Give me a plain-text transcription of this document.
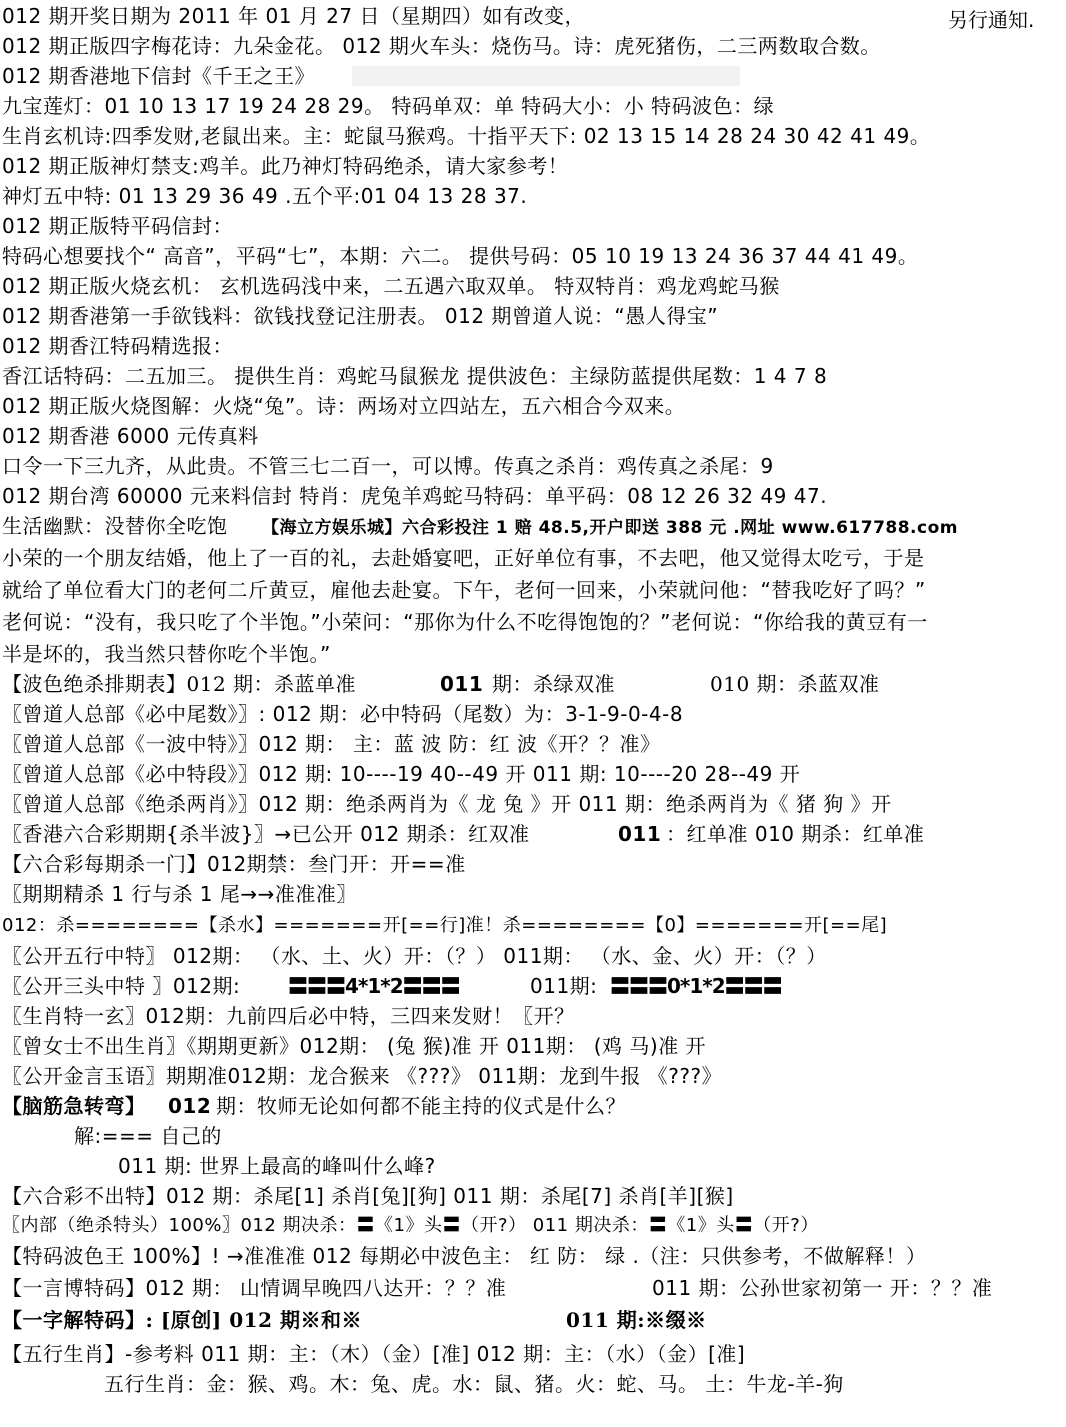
012 期开奖日期为 2011 年 01 月 27 日（星期四）如有改变，	另行通知.
012 期正版四字梅花诗：九朵金花。 012 期火车头：烧伤马。诗：虎死猪伤，二三两数取合数。
012 期香港地下信封《千王之王》
九宝莲灯：01 10 13 17 19 24 28 29。 特码单双：单 特码大小：小 特码波色：绿
生肖玄机诗:四季发财,老鼠出来。主：蛇鼠马猴鸡。十指平天下: 02 13 15 14 28 24 30 42 41 49。
012 期正版神灯禁支:鸡羊。此乃神灯特码绝杀，请大家参考！
神灯五中特: 01 13 29 36 49 .五个平:01 04 13 28 37.
012 期正版特平码信封：
特码心想要找个“ 高音”，平码“七”，本期：六二。 提供号码：05 10 19 13 24 36 37 44 41 49。
012 期正版火烧玄机： 玄机选码浅中来，二五遇六取双单。 特双特肖：鸡龙鸡蛇马猴
012 期香港第一手欲钱料：欲钱找登记注册表。 012 期曾道人说：“愚人得宝”
012 期香江特码精选报：
香江话特码：二五加三。 提供生肖：鸡蛇马鼠猴龙 提供波色：主绿防蓝提供尾数：1 4 7 8
012 期正版火烧图解：火烧“兔”。诗：两场对立四站左，五六相合今双来。
012 期香港 6000 元传真料
口令一下三九齐，从此贵。不管三七二百一，可以博。传真之杀肖：鸡传真之杀尾：9
012 期台湾 60000 元来料信封 特肖：虎兔羊鸡蛇马特码：单平码：08 12 26 32 49 47.
生活幽默：没替你全吃饱 【海立方娱乐城】六合彩投注 1 赔 48.5,开户即送 388 元 .网址 www.617788.com
小荣的一个朋友结婚，他上了一百的礼，去赴婚宴吧，正好单位有事，不去吧，他又觉得太吃亏，于是
就给了单位看大门的老何二斤黄豆，雇他去赴宴。下午，老何一回来，小荣就问他：“替我吃好了吗？”
老何说：“没有，我只吃了个半饱。”小荣问：“那你为什么不吃得饱饱的？”老何说：“你给我的黄豆有一
半是坏的，我当然只替你吃个半饱。”
【波色绝杀排期表】012 期：杀蓝单准	011 期：杀绿双准	010 期：杀蓝双准
〖曾道人总部《必中尾数》〗: 012 期：必中特码（尾数）为：3-1-9-0-4-8
〖曾道人总部《一波中特》〗012 期： 主：蓝 波 防：红 波《开？？准》
〖曾道人总部《必中特段》〗012 期: 10----19 40--49 开 011 期: 10----20 28--49 开
〖曾道人总部《绝杀两肖》〗012 期：绝杀两肖为《 龙 兔 》开 011 期：绝杀两肖为《 猪 狗 》开
〖香港六合彩期期{杀半波}〗→已公开 012 期杀：红双准	011 ：红单准 010 期杀：红单准
【六合彩每期杀一门】012期禁：叁门开：开==准
〖期期精杀 1 行与杀 1 尾→→准准准〗
012：杀========【杀水】=======开[==行]准！杀========【0】=======开[==尾]
〖公开五行中特〗 012期： （水、土、火）开：（？） 011期： （水、金、火）开：（？）
〖公开三头中特 〗012期: 〓〓〓4*1*2〓〓〓	011期: 〓〓〓0*1*2〓〓〓
〖生肖特一玄〗012期：九前四后必中特，三四来发财！〖开？
〖曾女士不出生肖〗《期期更新》012期： (兔 猴)准 开 011期： (鸡 马)准 开
〖公开金言玉语〗期期准012期：龙合猴来 《???》 011期：龙到牛报 《???》
【脑筋急转弯】 012 期：牧师无论如何都不能主持的仪式是什么？
解:=== 自己的
011 期: 世界上最高的峰叫什么峰?
【六合彩不出特】012 期：杀尾[1] 杀肖[兔][狗] 011 期：杀尾[7] 杀肖[羊][猴]
〖内部（绝杀特头）100%〗012 期决杀：〓《1》头〓（开?） 011 期决杀：〓《1》头〓（开?）
【特码波色王 100%】! →准准准 012 每期必中波色主： 红 防： 绿 .（注：只供参考，不做解释！）
【一言博特码】012 期： 山情调早晚四八达开：？？准	011 期：公孙世家初第一 开：？？准
【一字解特码】: [原创] 012 期※和※	011 期:※缀※
【五行生肖】-参考料 011 期：主：（木）（金）[准] 012 期：主：（水）（金）[准]
五行生肖：金：猴、鸡。木：兔、虎。水：鼠、猪。火：蛇、马。 土：牛龙-羊-狗
